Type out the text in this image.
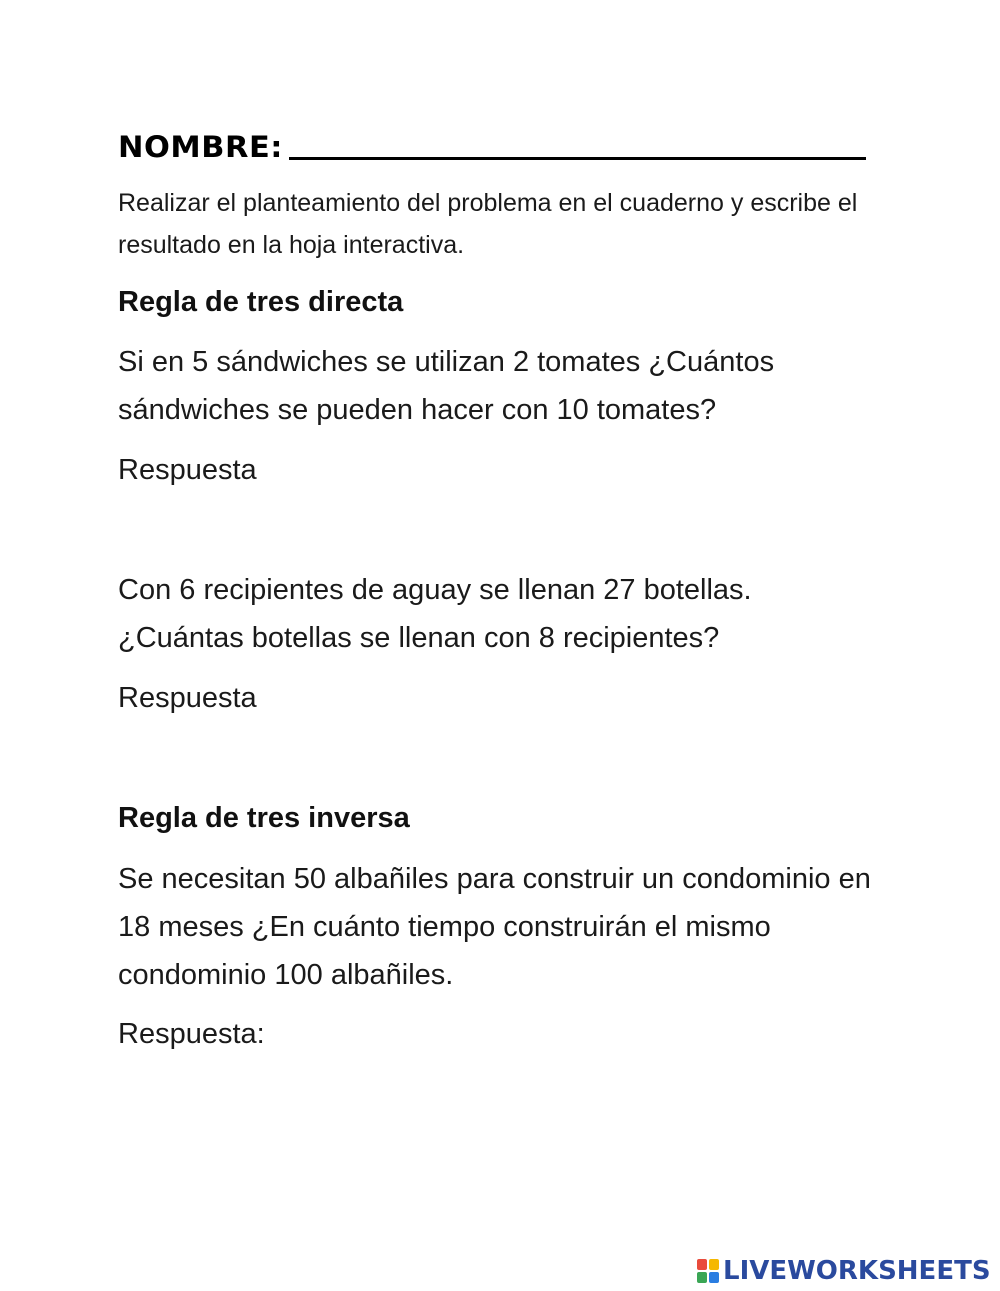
NOMBRE:

Realizar el planteamiento del problema en el cuaderno y escribe el resultado en la hoja interactiva.

Regla de tres directa

Si en 5 sándwiches se utilizan 2 tomates ¿Cuántos sándwiches se pueden hacer con 10 tomates?

Respuesta

Con 6 recipientes de aguay se llenan 27 botellas. ¿Cuántas botellas se llenan con 8 recipientes?

Respuesta

Regla de tres inversa

Se necesitan 50 albañiles para construir un condominio en 18 meses ¿En cuánto tiempo construirán el mismo condominio 100 albañiles.

Respuesta:

LIVEWORKSHEETS
